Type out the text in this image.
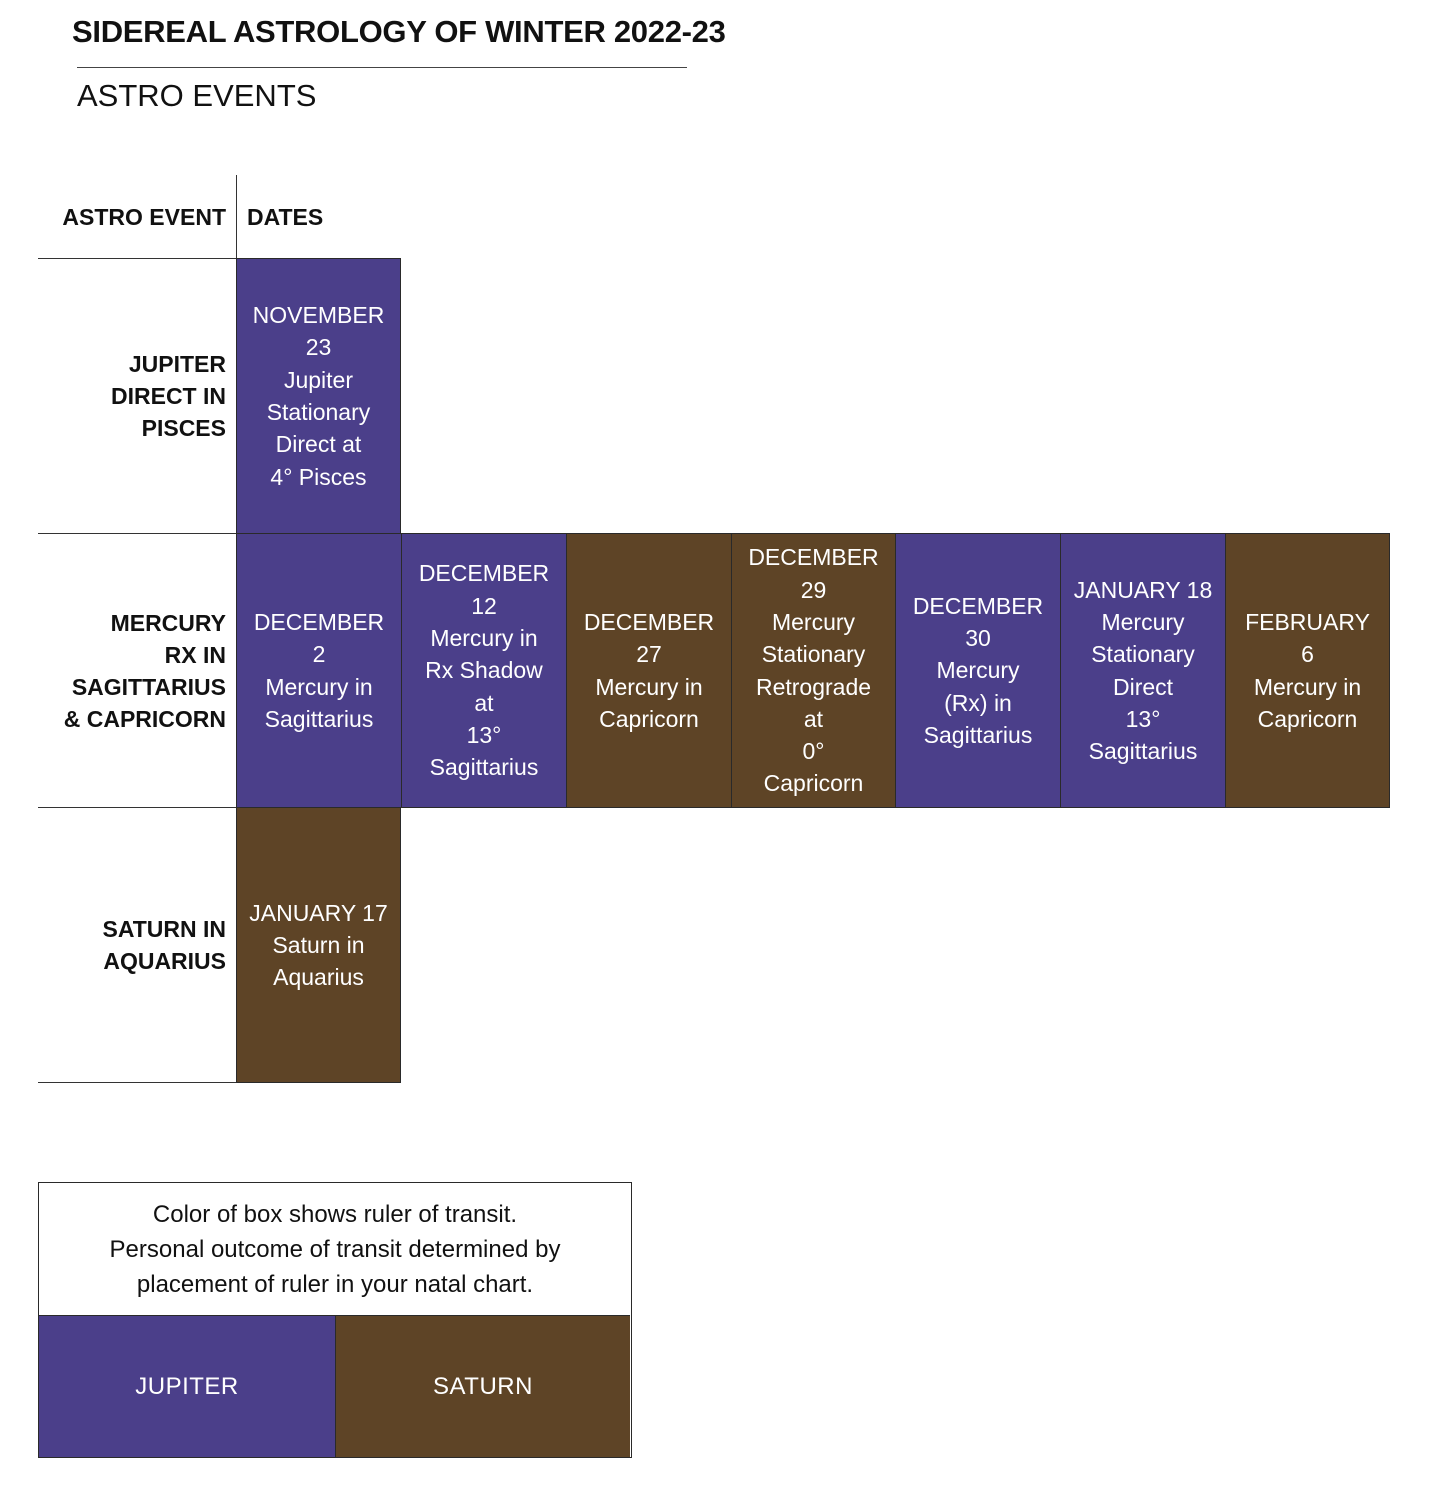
SIDEREAL ASTROLOGY OF WINTER 2022-23
ASTRO EVENTS
ASTRO EVENT DATES
JUPITER
DIRECT IN
PISCES
NOVEMBER
23
Jupiter
Stationary
Direct at
4° Pisces
MERCURY
RX IN
SAGITTARIUS
& CAPRICORN
DECEMBER
2
Mercury in
Sagittarius
DECEMBER
12
Mercury in
Rx Shadow
at
13°
Sagittarius
DECEMBER
27
Mercury in
Capricorn
DECEMBER
29
Mercury
Stationary
Retrograde
at
0°
Capricorn
DECEMBER
30
Mercury
(Rx) in
Sagittarius
JANUARY 18
Mercury
Stationary
Direct
13°
Sagittarius
FEBRUARY
6
Mercury in
Capricorn
SATURN IN
AQUARIUS
JANUARY 17
Saturn in
Aquarius
Color of box shows ruler of transit.
Personal outcome of transit determined by
placement of ruler in your natal chart.
JUPITER	SATURN
